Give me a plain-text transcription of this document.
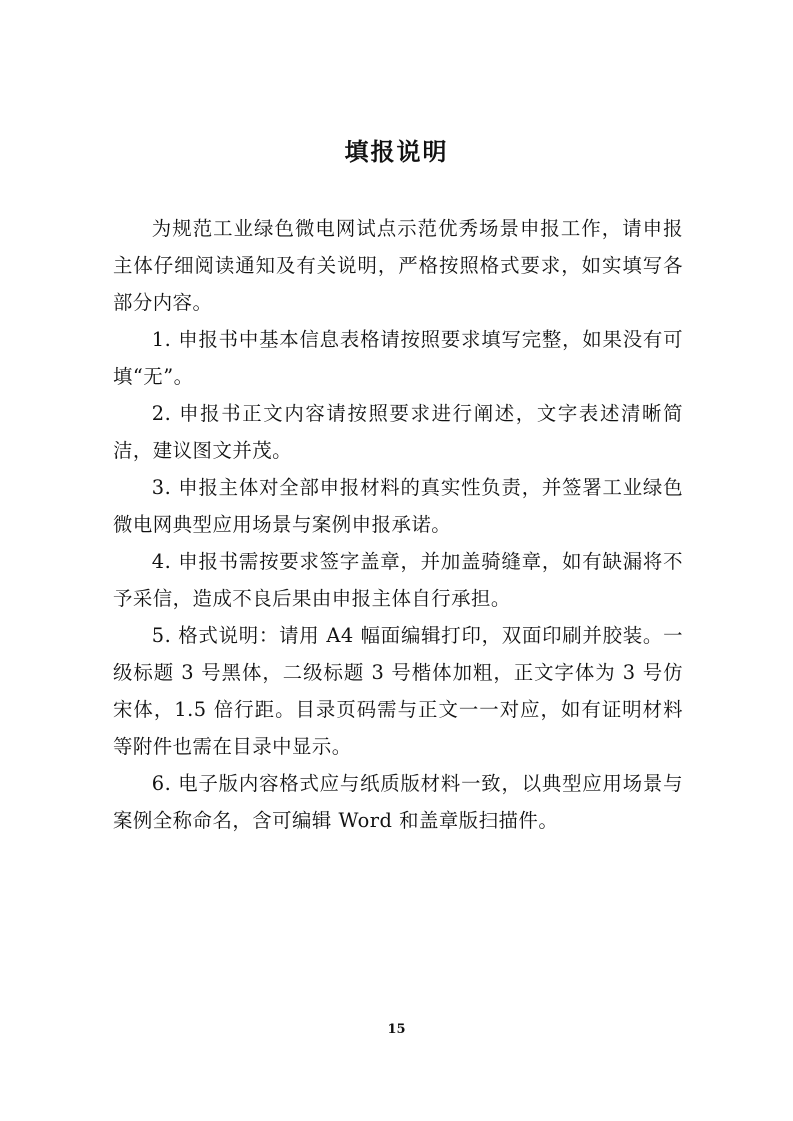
填报说明

为规范工业绿色微电网试点示范优秀场景申报工作，请申报主体仔细阅读通知及有关说明，严格按照格式要求，如实填写各部分内容。

1. 申报书中基本信息表格请按照要求填写完整，如果没有可填“无”。

2. 申报书正文内容请按照要求进行阐述，文字表述清晰简洁，建议图文并茂。

3. 申报主体对全部申报材料的真实性负责，并签署工业绿色微电网典型应用场景与案例申报承诺。

4. 申报书需按要求签字盖章，并加盖骑缝章，如有缺漏将不予采信，造成不良后果由申报主体自行承担。

5. 格式说明：请用 A4 幅面编辑打印，双面印刷并胶装。一级标题 3 号黑体，二级标题 3 号楷体加粗，正文字体为 3 号仿宋体，1.5 倍行距。目录页码需与正文一一对应，如有证明材料等附件也需在目录中显示。

6. 电子版内容格式应与纸质版材料一致，以典型应用场景与案例全称命名，含可编辑 Word 和盖章版扫描件。

15
